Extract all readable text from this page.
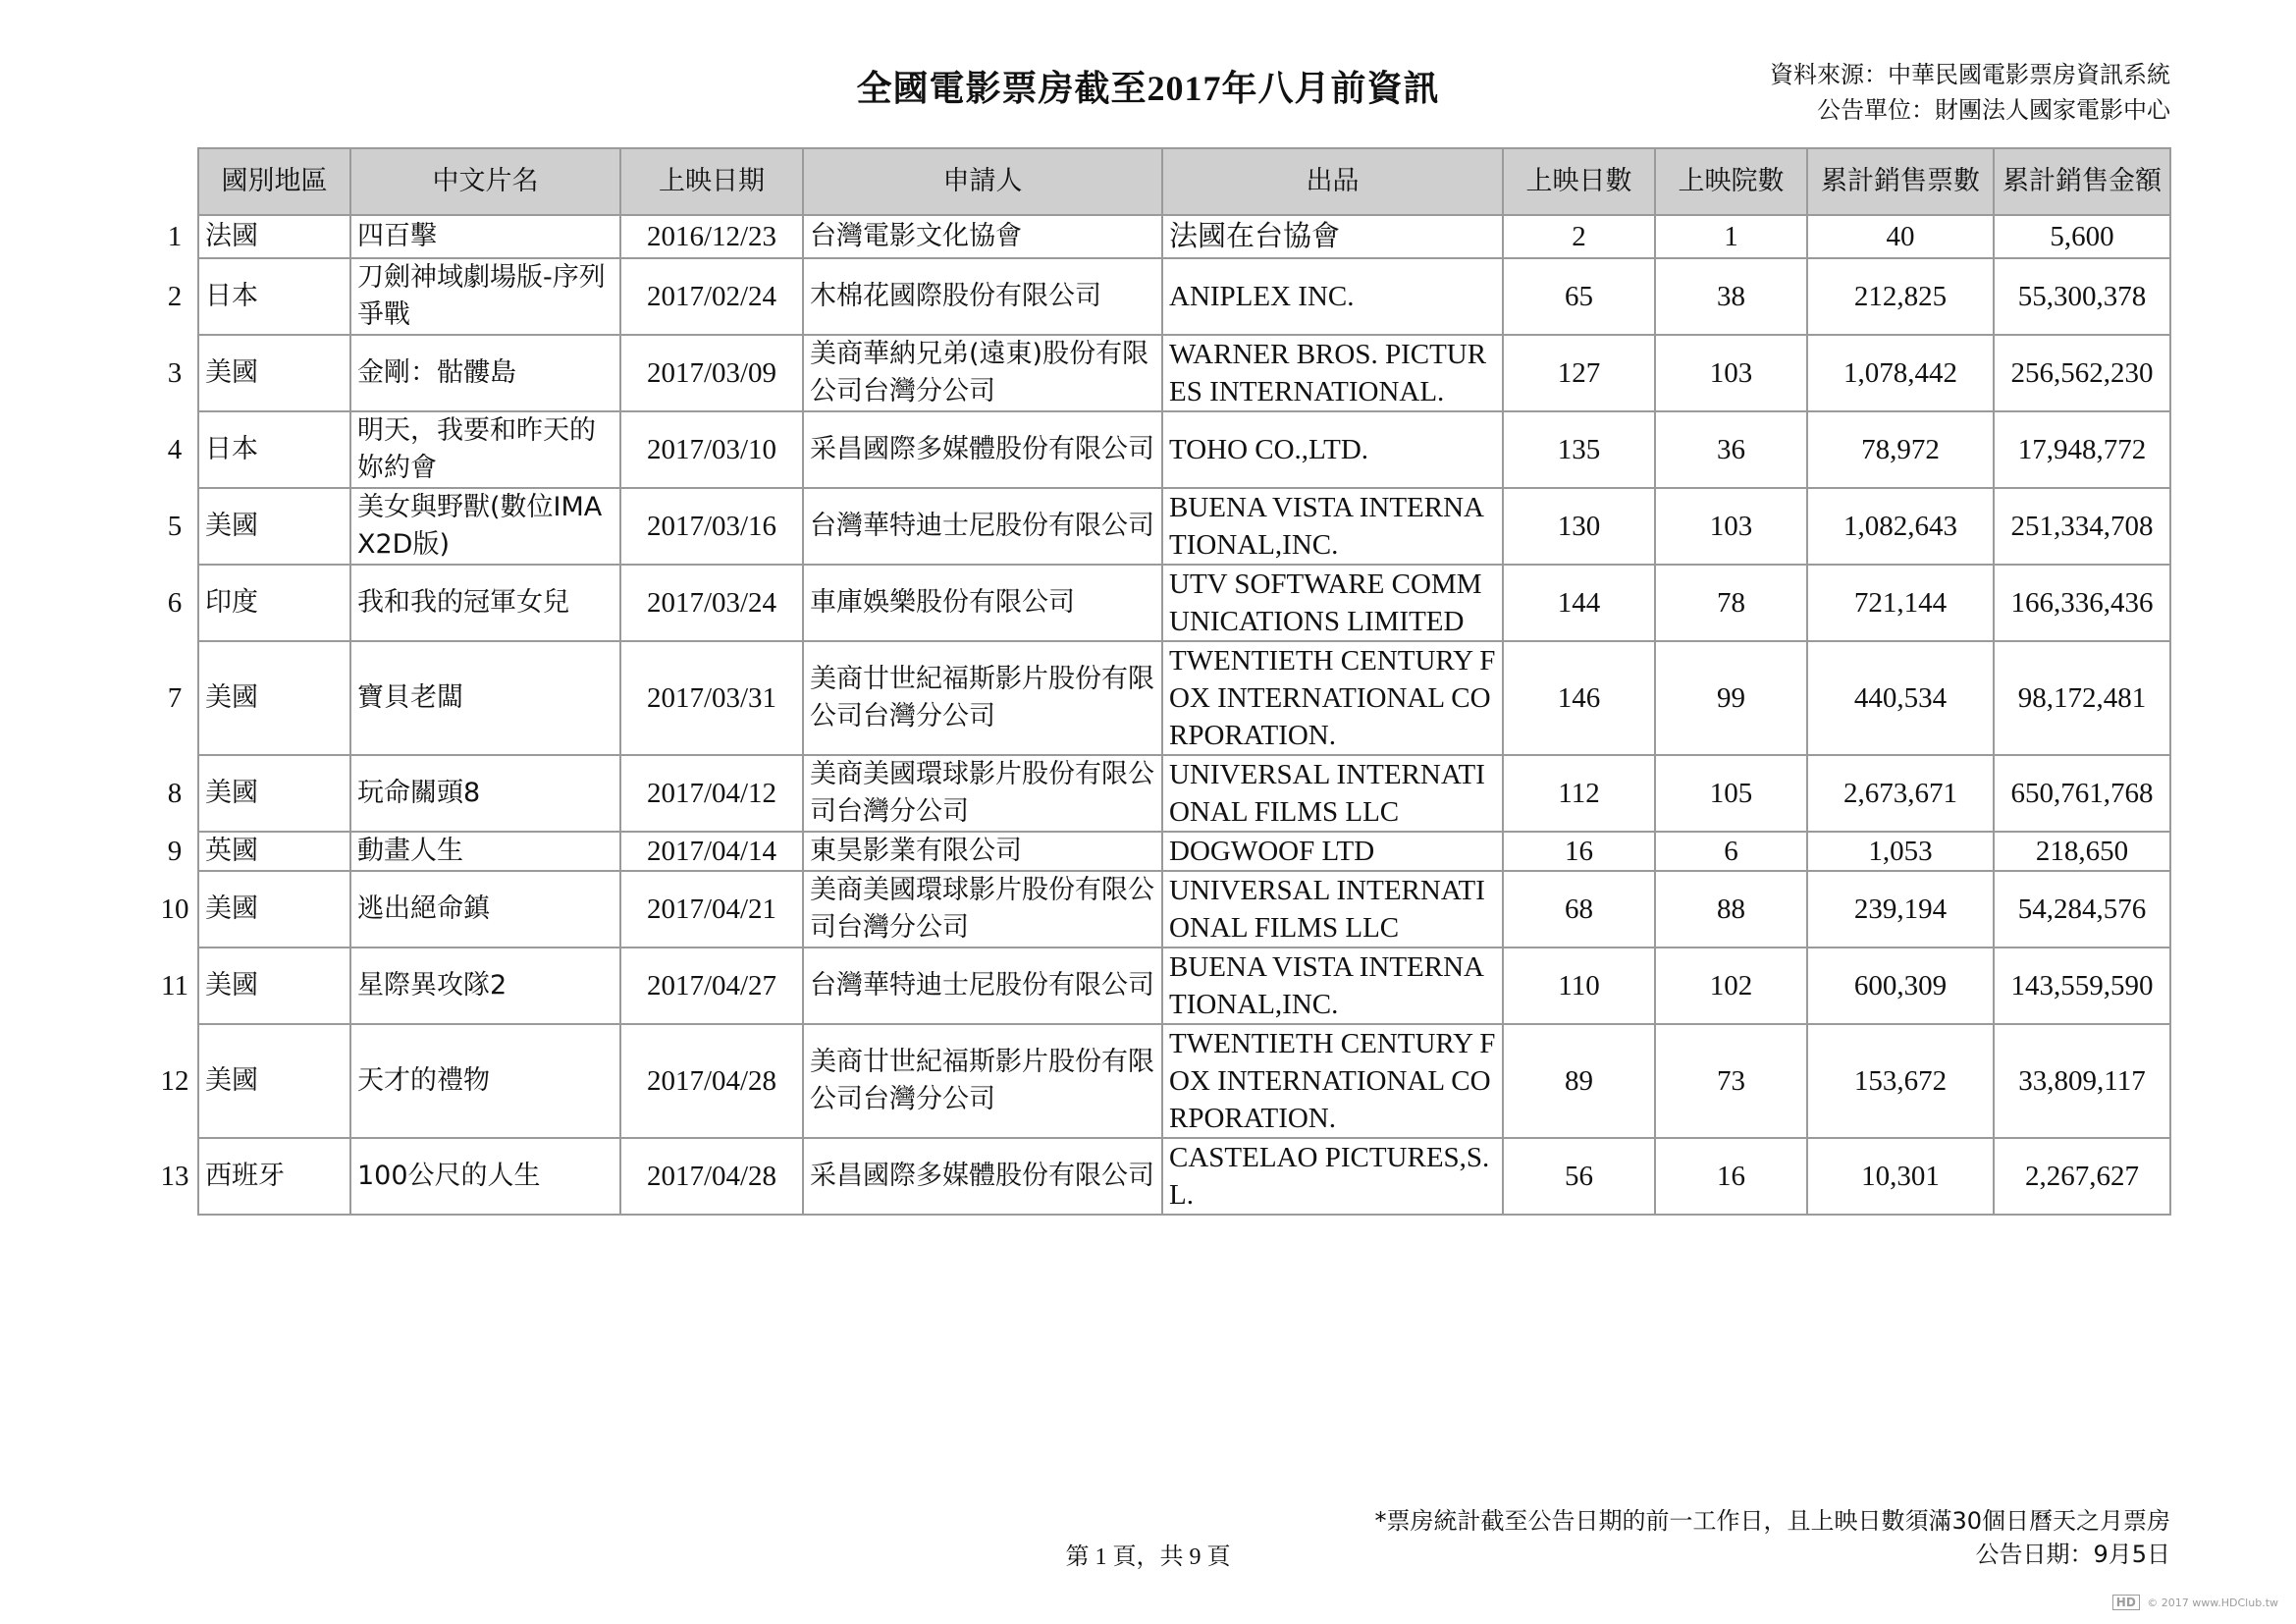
全國電影票房截至2017年八月前資訊	資料來源：中華民國電影票房資訊系統
公告單位：財團法人國家電影中心
	國別地區	中文片名	上映日期	申請人	出品	上映日數	上映院數	累計銷售票數	累計銷售金額
1	法國	四百擊	2016/12/23	台灣電影文化協會	法國在台協會	2	1	40	5,600
2	日本	刀劍神域劇場版-序列爭戰	2017/02/24	木棉花國際股份有限公司	ANIPLEX INC.	65	38	212,825	55,300,378
3	美國	金剛：骷髏島	2017/03/09	美商華納兄弟(遠東)股份有限公司台灣分公司	WARNER BROS. PICTURES INTERNATIONAL.	127	103	1,078,442	256,562,230
4	日本	明天，我要和昨天的妳約會	2017/03/10	采昌國際多媒體股份有限公司	TOHO CO.,LTD.	135	36	78,972	17,948,772
5	美國	美女與野獸(數位IMAX2D版)	2017/03/16	台灣華特迪士尼股份有限公司	BUENA VISTA INTERNATIONAL,INC.	130	103	1,082,643	251,334,708
6	印度	我和我的冠軍女兒	2017/03/24	車庫娛樂股份有限公司	UTV SOFTWARE COMMUNICATIONS LIMITED	144	78	721,144	166,336,436
7	美國	寶貝老闆	2017/03/31	美商廿世紀福斯影片股份有限公司台灣分公司	TWENTIETH CENTURY FOX INTERNATIONAL CORPORATION.	146	99	440,534	98,172,481
8	美國	玩命關頭8	2017/04/12	美商美國環球影片股份有限公司台灣分公司	UNIVERSAL INTERNATIONAL FILMS LLC	112	105	2,673,671	650,761,768
9	英國	動畫人生	2017/04/14	東昊影業有限公司	DOGWOOF LTD	16	6	1,053	218,650
10	美國	逃出絕命鎮	2017/04/21	美商美國環球影片股份有限公司台灣分公司	UNIVERSAL INTERNATIONAL FILMS LLC	68	88	239,194	54,284,576
11	美國	星際異攻隊2	2017/04/27	台灣華特迪士尼股份有限公司	BUENA VISTA INTERNATIONAL,INC.	110	102	600,309	143,559,590
12	美國	天才的禮物	2017/04/28	美商廿世紀福斯影片股份有限公司台灣分公司	TWENTIETH CENTURY FOX INTERNATIONAL CORPORATION.	89	73	153,672	33,809,117
13	西班牙	100公尺的人生	2017/04/28	采昌國際多媒體股份有限公司	CASTELAO PICTURES,S.L.	56	16	10,301	2,267,627
*票房統計截至公告日期的前一工作日，且上映日數須滿30個日曆天之月票房
公告日期：9月5日
第 1 頁，共 9 頁
HD © 2017 www.HDClub.tw
